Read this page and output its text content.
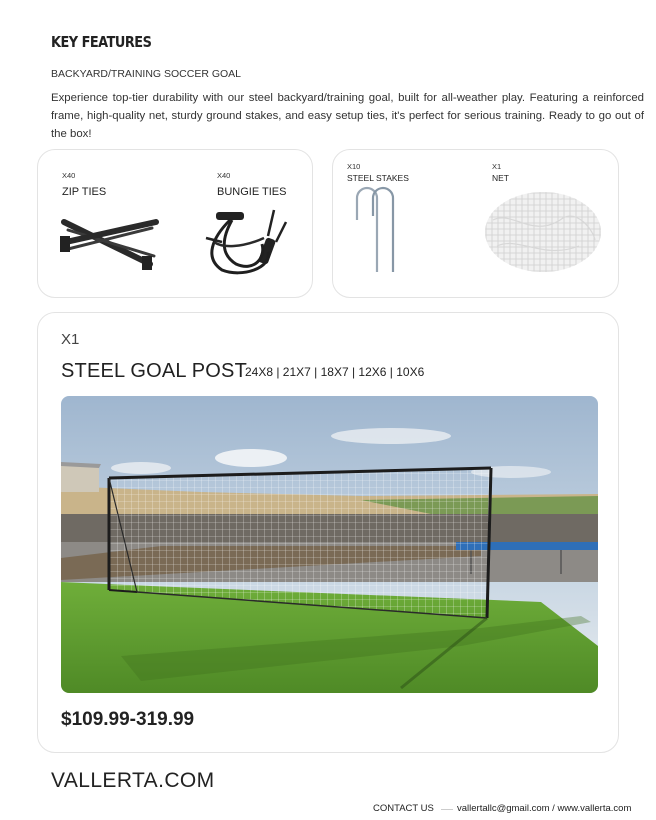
KEY FEATURES
BACKYARD/TRAINING SOCCER GOAL
Experience top-tier durability with our steel backyard/training goal, built for all-weather play. Featuring a reinforced frame, high-quality net, sturdy ground stakes, and easy setup ties, it's perfect for serious training. Ready to go out of the box!
X40
ZIP TIES
X40
BUNGIE TIES
X10
STEEL STAKES
X1
NET
X1
STEEL GOAL POST
24X8 | 21X7 | 18X7 | 12X6 | 10X6
$109.99-319.99
VALLERTA.COM
CONTACT US vallertallc@gmail.com / www.vallerta.com
